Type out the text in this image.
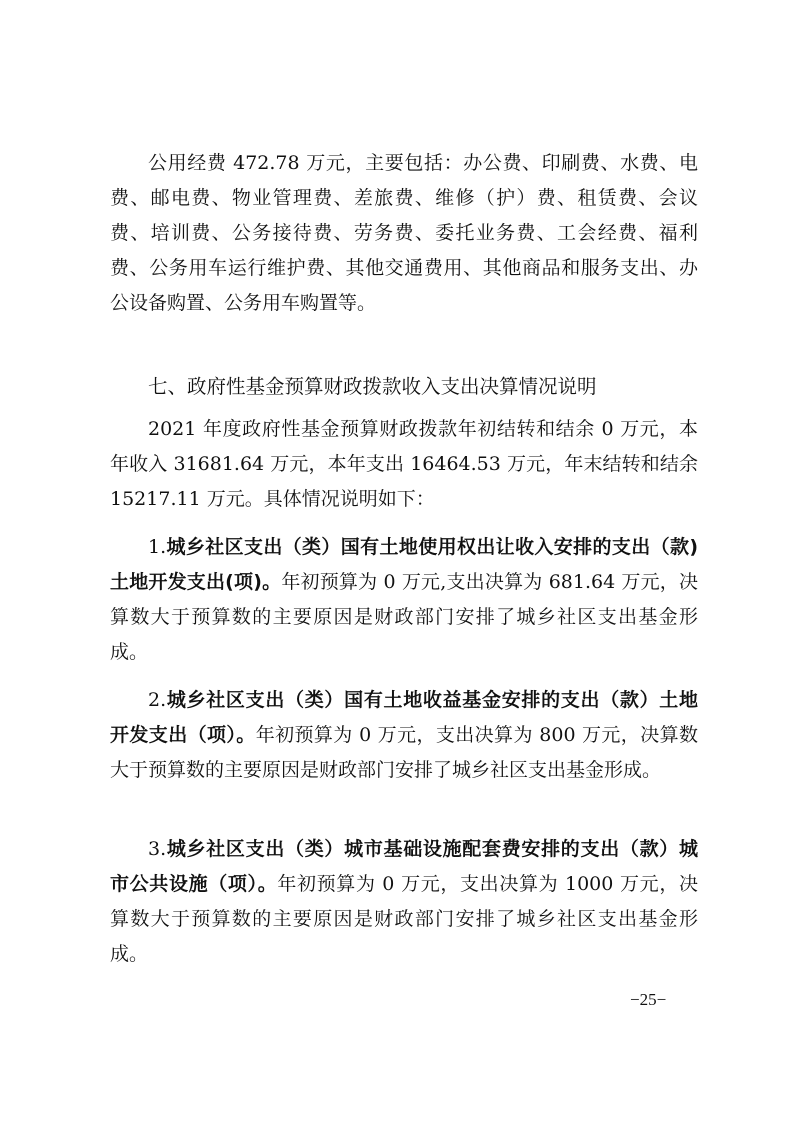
公用经费 472.78 万元，主要包括：办公费、印刷费、水费、电费、邮电费、物业管理费、差旅费、维修（护）费、租赁费、会议费、培训费、公务接待费、劳务费、委托业务费、工会经费、福利费、公务用车运行维护费、其他交通费用、其他商品和服务支出、办公设备购置、公务用车购置等。

七、政府性基金预算财政拨款收入支出决算情况说明

2021 年度政府性基金预算财政拨款年初结转和结余 0 万元，本年收入 31681.64 万元，本年支出 16464.53 万元，年末结转和结余 15217.11 万元。具体情况说明如下：

1.城乡社区支出（类）国有土地使用权出让收入安排的支出（款)土地开发支出(项)。年初预算为 0 万元,支出决算为 681.64 万元，决算数大于预算数的主要原因是财政部门安排了城乡社区支出基金形成。

2.城乡社区支出（类）国有土地收益基金安排的支出（款）土地开发支出（项）。年初预算为 0 万元，支出决算为 800 万元，决算数大于预算数的主要原因是财政部门安排了城乡社区支出基金形成。

3.城乡社区支出（类）城市基础设施配套费安排的支出（款）城市公共设施（项）。年初预算为 0 万元，支出决算为 1000 万元，决算数大于预算数的主要原因是财政部门安排了城乡社区支出基金形成。

−25−
